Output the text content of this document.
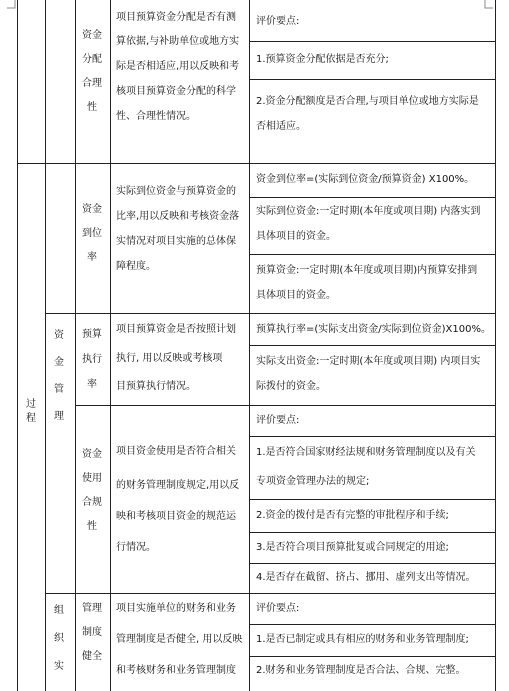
过程
资金管理
组织实
资金分配合理性
项目预算资金分配是否有测
算依据,与补助单位或地方实
际是否相适应,用以反映和考
核项目预算资金分配的科学
性、合理性情况。
评价要点:
1.预算资金分配依据是否充分;
2.资金分配额度是否合理,与项目单位或地方实际是
否相适应。
资金到位率
实际到位资金与预算资金的
比率,用以反映和考核资金落
实情况对项目实施的总体保
障程度。
资金到位率=(实际到位资金/预算资金) X100%。
实际到位资金:一定时期(本年度或项目期) 内落实到
具体项目的资金。
预算资金:一定时期(本年度或项目期)内预算安排到
具体项目的资金。
预算执行率
项目预算资金是否按照计划
执行, 用以反映或考核项
目预算执行情况。
预算执行率=(实际支出资金/实际到位资金)X100%。
实际支出资金:一定时期(本年度或项目期) 内项目实
际拨付的资金。
资金使用合规性
项目资金使用是否符合相关
的财务管理制度规定,用以反
映和考核项目资金的规范运
行情况。
评价要点:
1.是否符合国家财经法规和财务管理制度以及有关
专项资金管理办法的规定;
2.资金的拨付是否有完整的审批程序和手续;
3.是否符合项目预算批复或合同规定的用途;
4.是否存在截留、挤占、挪用、虚列支出等情况。
管理制度健全
项目实施单位的财务和业务
管理制度是否健全, 用以反映
和考核财务和业务管理制度
评价要点:
1.是否已制定或具有相应的财务和业务管理制度;
2.财务和业务管理制度是否合法、合规、完整。
